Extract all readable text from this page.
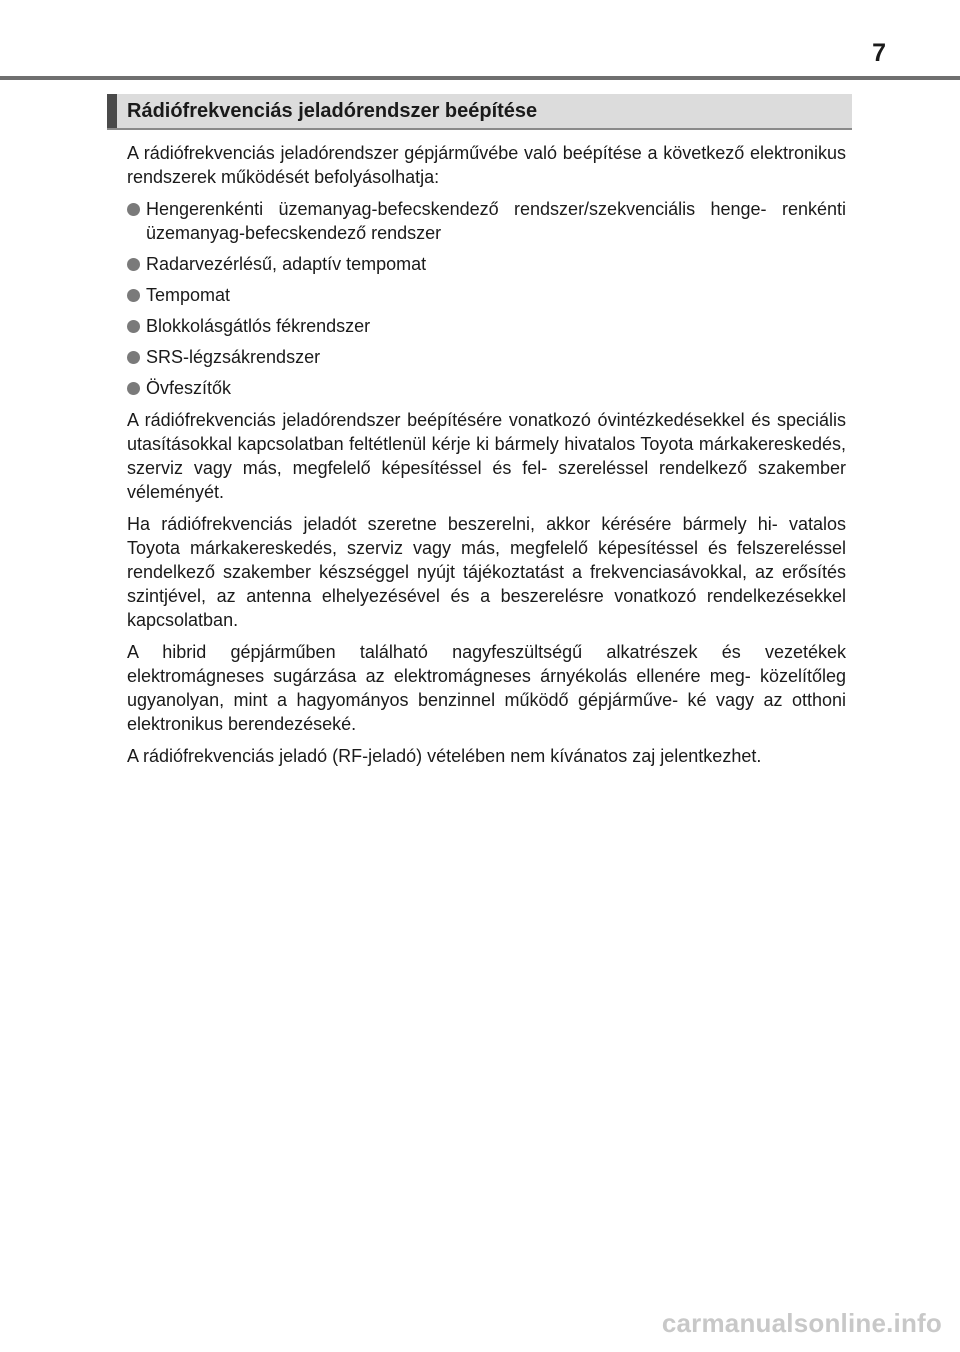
7
Rádiófrekvenciás jeladórendszer beépítése

A rádiófrekvenciás jeladórendszer gépjárművébe való beépítése a következő elektronikus rendszerek működését befolyásolhatja:

Hengerenkénti üzemanyag-befecskendező rendszer/szekvenciális henge- renkénti üzemanyag-befecskendező rendszer
Radarvezérlésű, adaptív tempomat
Tempomat
Blokkolásgátlós fékrendszer
SRS-légzsákrendszer
Övfeszítők

A rádiófrekvenciás jeladórendszer beépítésére vonatkozó óvintézkedésekkel és speciális utasításokkal kapcsolatban feltétlenül kérje ki bármely hivatalos Toyota márkakereskedés, szerviz vagy más, megfelelő képesítéssel és fel- szereléssel rendelkező szakember véleményét.

Ha rádiófrekvenciás jeladót szeretne beszerelni, akkor kérésére bármely hi- vatalos Toyota márkakereskedés, szerviz vagy más, megfelelő képesítéssel és felszereléssel rendelkező szakember készséggel nyújt tájékoztatást a frekvenciasávokkal, az erősítés szintjével, az antenna elhelyezésével és a beszerelésre vonatkozó rendelkezésekkel kapcsolatban.

A hibrid gépjárműben található nagyfeszültségű alkatrészek és vezetékek elektromágneses sugárzása az elektromágneses árnyékolás ellenére meg- közelítőleg ugyanolyan, mint a hagyományos benzinnel működő gépjárműve- ké vagy az otthoni elektronikus berendezéseké.

A rádiófrekvenciás jeladó (RF-jeladó) vételében nem kívánatos zaj jelentkezhet.

carmanualsonline.info
